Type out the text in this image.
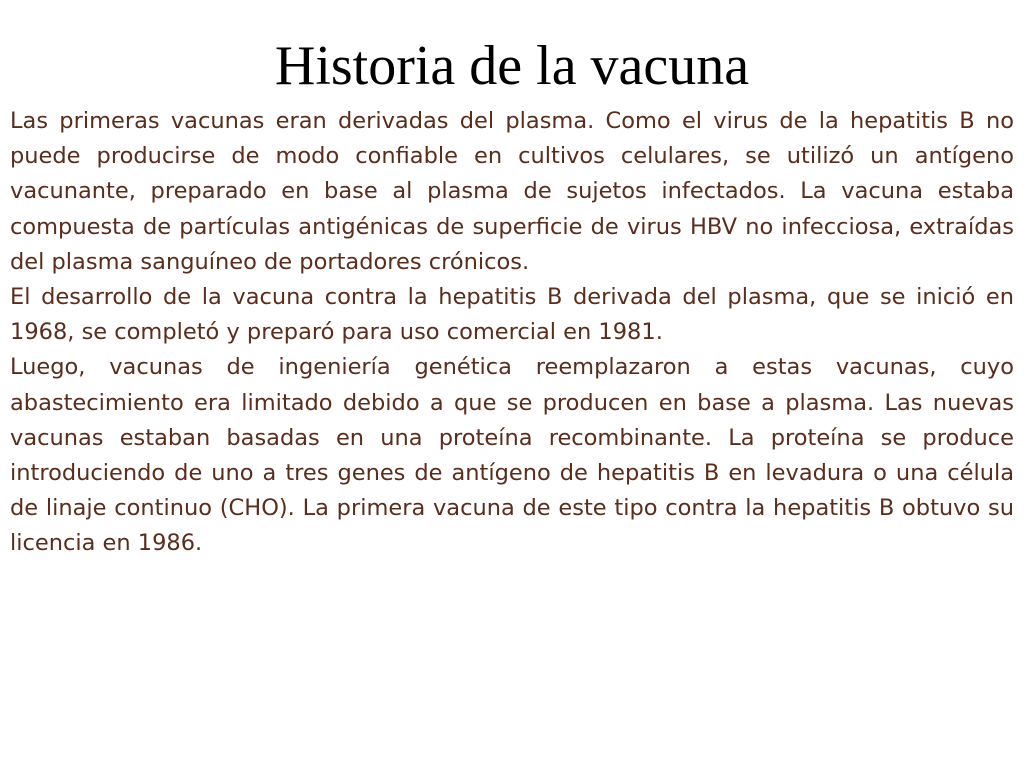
Historia de la vacuna

Las primeras vacunas eran derivadas del plasma. Como el virus de la hepatitis B no puede producirse de modo confiable en cultivos celulares, se utilizó un antígeno vacunante, preparado en base al plasma de sujetos infectados. La vacuna estaba compuesta de partículas antigénicas de superficie de virus HBV no infecciosa, extraídas del plasma sanguíneo de portadores crónicos.

El desarrollo de la vacuna contra la hepatitis B derivada del plasma, que se inició en 1968, se completó y preparó para uso comercial en 1981.

Luego, vacunas de ingeniería genética reemplazaron a estas vacunas, cuyo abastecimiento era limitado debido a que se producen en base a plasma. Las nuevas vacunas estaban basadas en una proteína recombinante. La proteína se produce introduciendo de uno a tres genes de antígeno de hepatitis B en levadura o una célula de linaje continuo (CHO). La primera vacuna de este tipo contra la hepatitis B obtuvo su licencia en 1986.
